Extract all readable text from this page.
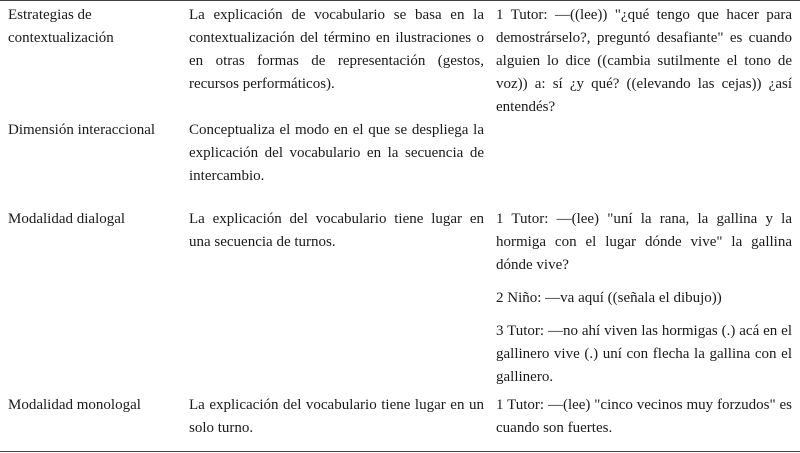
Estrategias de contextualización	La explicación de vocabulario se basa en la contextualización del término en ilustraciones o en otras formas de representación (gestos, recursos performáticos).	1 Tutor: —((lee)) "¿qué tengo que hacer para demostrárselo?, preguntó desafiante" es cuando alguien lo dice ((cambia sutilmente el tono de voz)) a: sí ¿y qué? ((elevando las cejas)) ¿así entendés?

Dimensión interaccional	Conceptualiza el modo en el que se despliega la explicación del vocabulario en la secuencia de intercambio.	
Modalidad dialogal	La explicación del vocabulario tiene lugar en una secuencia de turnos.	1 Tutor: —(lee) "uní la rana, la gallina y la hormiga con el lugar dónde vive" la gallina dónde vive?

2 Niño: —va aquí ((señala el dibujo))

3 Tutor: —no ahí viven las hormigas (.) acá en el gallinero vive (.) uní con flecha la gallina con el gallinero.

Modalidad monologal	La explicación del vocabulario tiene lugar en un solo turno.	1 Tutor: —(lee) "cinco vecinos muy forzudos" es cuando son fuertes.
